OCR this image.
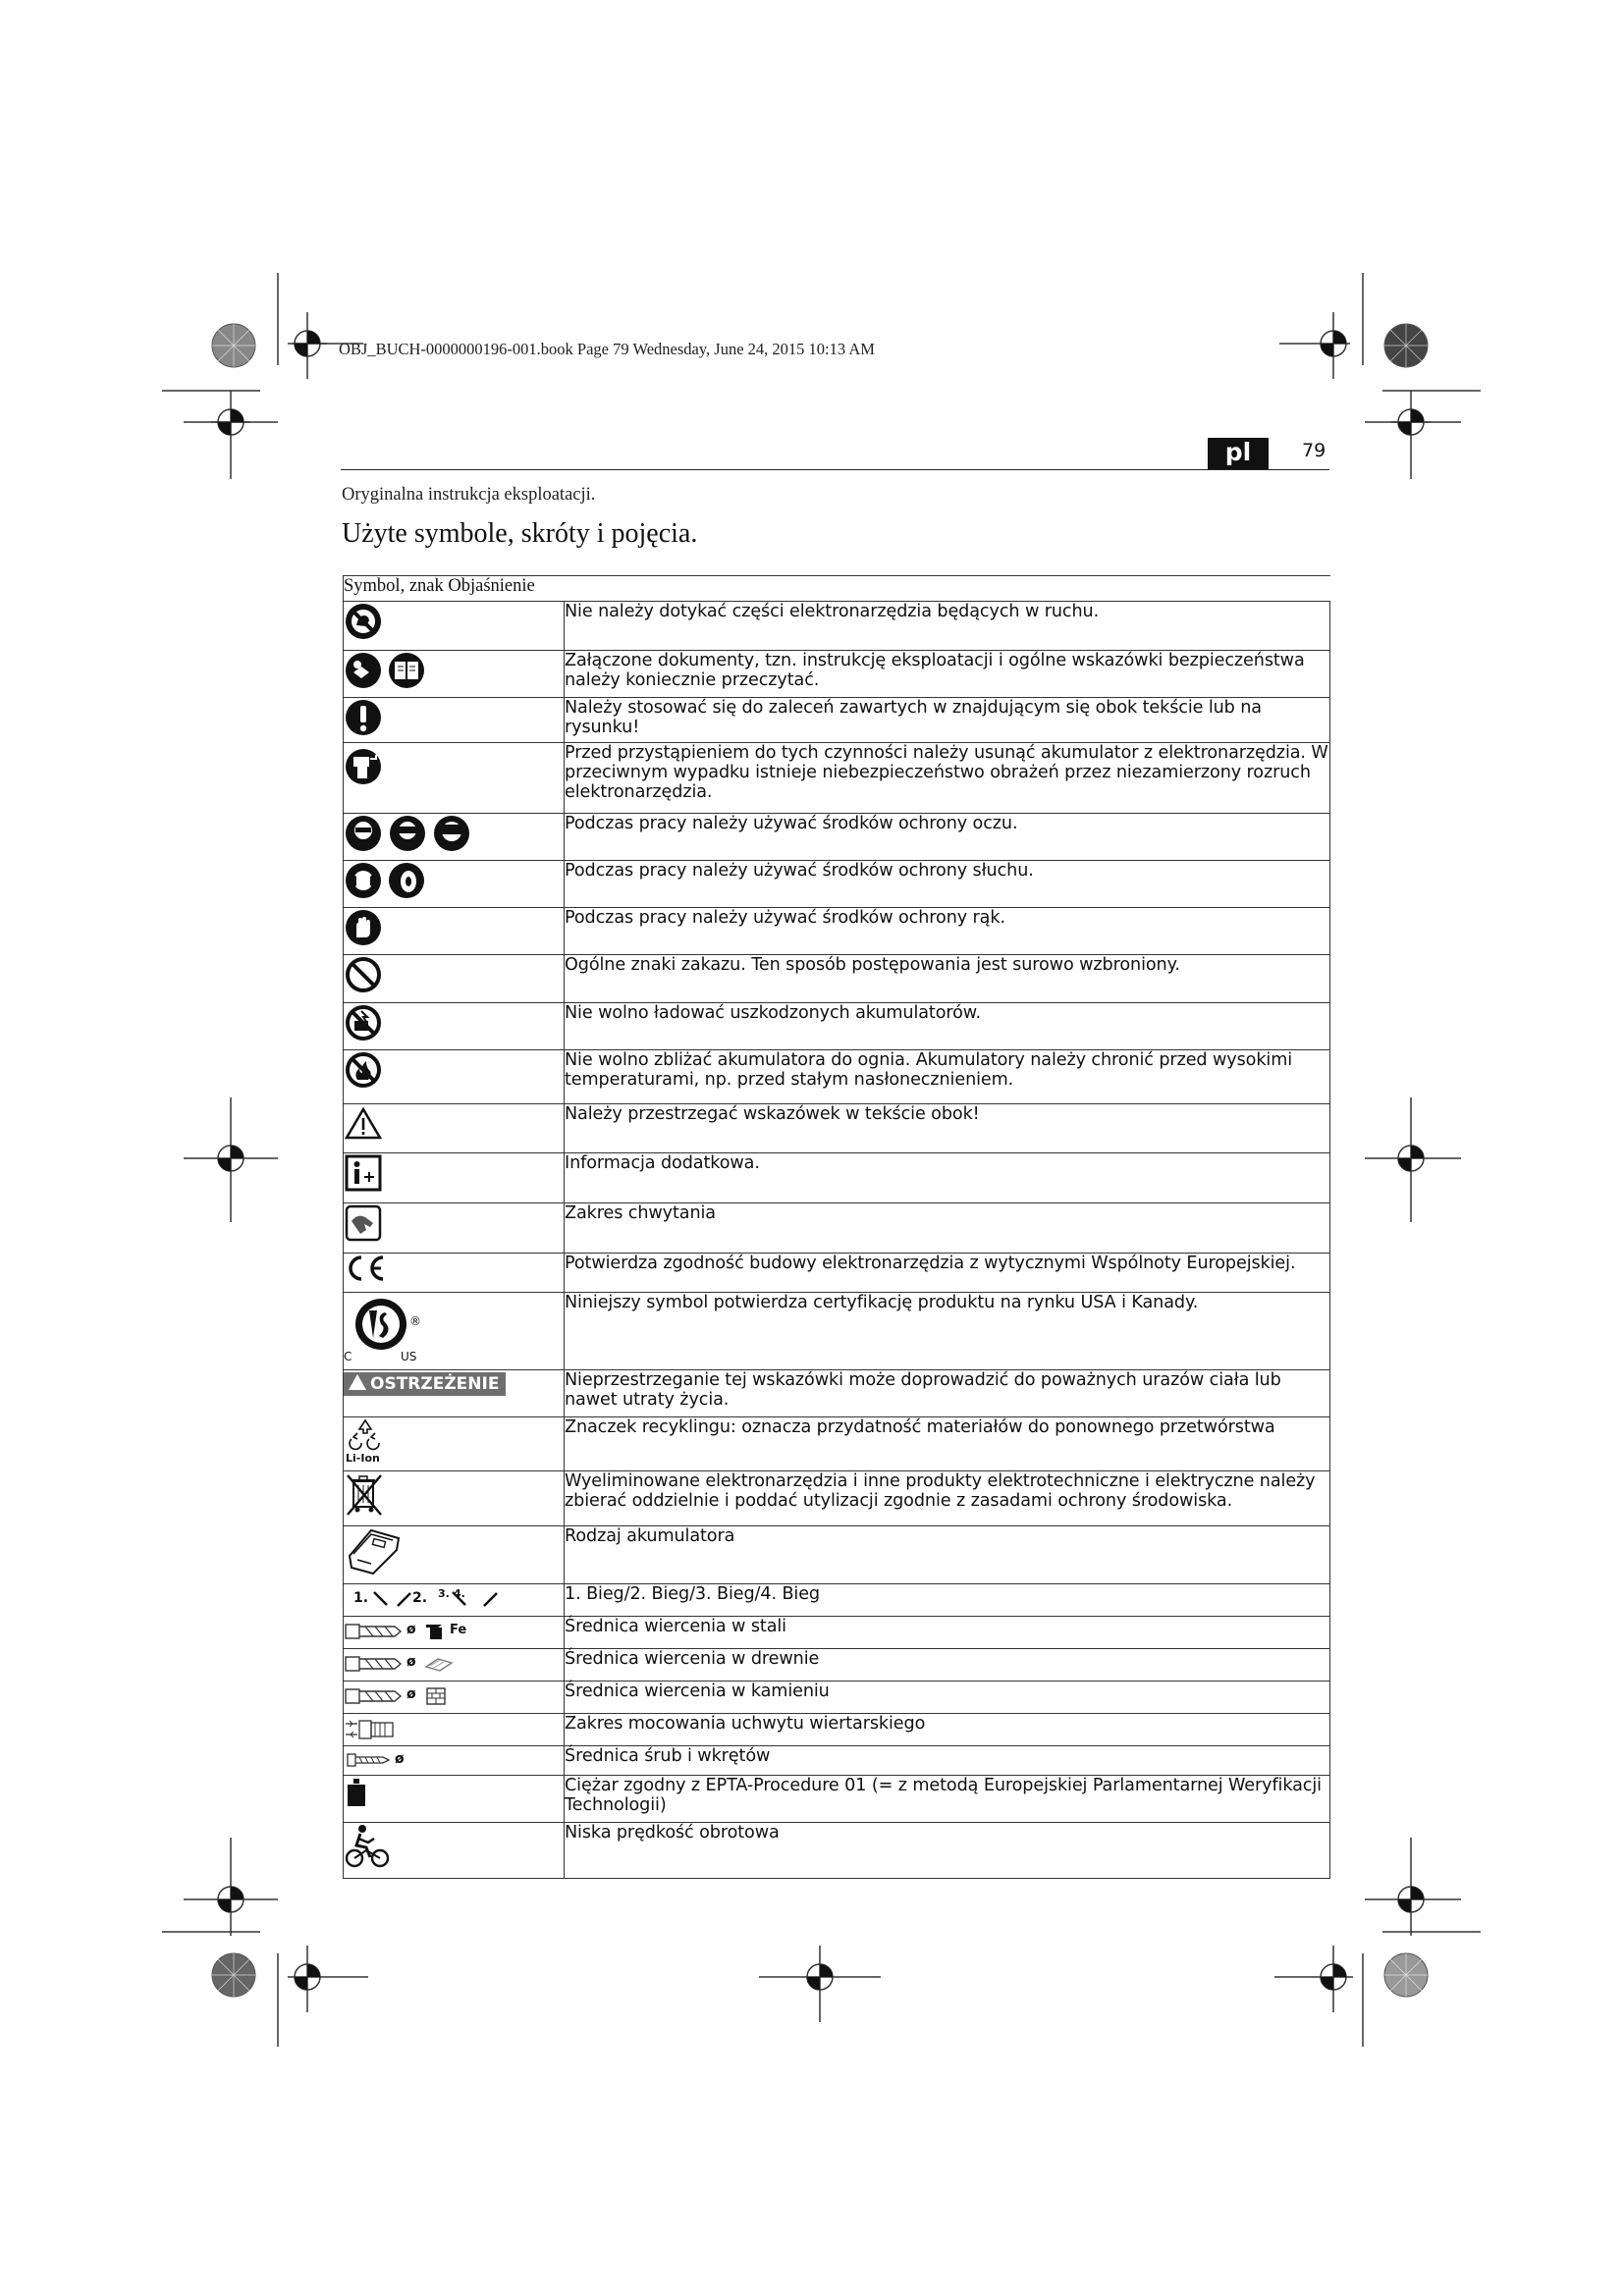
OBJ_BUCH-0000000196-001.book Page 79 Wednesday, June 24, 2015 10:13 AM
pl	79
Oryginalna instrukcja eksploatacji.
Użyte symbole, skróty i pojęcia.
Symbol, znak Objaśnienie	

	Nie należy dotykać części elektronarzędzia będących w ruchu.

	Załączone dokumenty, tzn. instrukcję eksploatacji i ogólne wskazówki bezpieczeństwa należy koniecznie przeczytać.

	Należy stosować się do zaleceń zawartych w znajdującym się obok tekście lub na rysunku!

	Przed przystąpieniem do tych czynności należy usunąć akumulator z elektronarzędzia. W przeciwnym wypadku istnieje niebezpieczeństwo obrażeń przez niezamierzony rozruch elektronarzędzia.

	Podczas pracy należy używać środków ochrony oczu.

	Podczas pracy należy używać środków ochrony słuchu.

	Podczas pracy należy używać środków ochrony rąk.

	Ogólne znaki zakazu. Ten sposób postępowania jest surowo wzbroniony.

	Nie wolno ładować uszkodzonych akumulatorów.

	Nie wolno zbliżać akumulatora do ognia. Akumulatory należy chronić przed wysokimi temperaturami, np. przed stałym nasłonecznieniem.

	Należy przestrzegać wskazówek w tekście obok!

	Informacja dodatkowa.

	Zakres chwytania

	Potwierdza zgodność budowy elektronarzędzia z wytycznymi Wspólnoty Europejskiej.

®
C US	Niniejszy symbol potwierdza certyfikację produktu na rynku USA i Kanady.
OSTRZEŻENIE	Nieprzestrzeganie tej wskazówki może doprowadzić do poważnych urazów ciała lub nawet utraty życia.

Li-Ion	Znaczek recyklingu: oznacza przydatność materiałów do ponownego przetwórstwa

	Wyeliminowane elektronarzędzia i inne produkty elektrotechniczne i elektryczne należy zbierać oddzielnie i poddać utylizacji zgodnie z zasadami ochrony środowiska.

	Rodzaj akumulatora

1. 2. 3. 4.	1. Bieg/2. Bieg/3. Bieg/4. Bieg

ø Fe	Średnica wiercenia w stali

ø	Średnica wiercenia w drewnie

ø	Średnica wiercenia w kamieniu

	Zakres mocowania uchwytu wiertarskiego

ø	Średnica śrub i wkrętów

	Ciężar zgodny z EPTA-Procedure 01 (= z metodą Europejskiej Parlamentarnej Weryfikacji Technologii)

	Niska prędkość obrotowa
